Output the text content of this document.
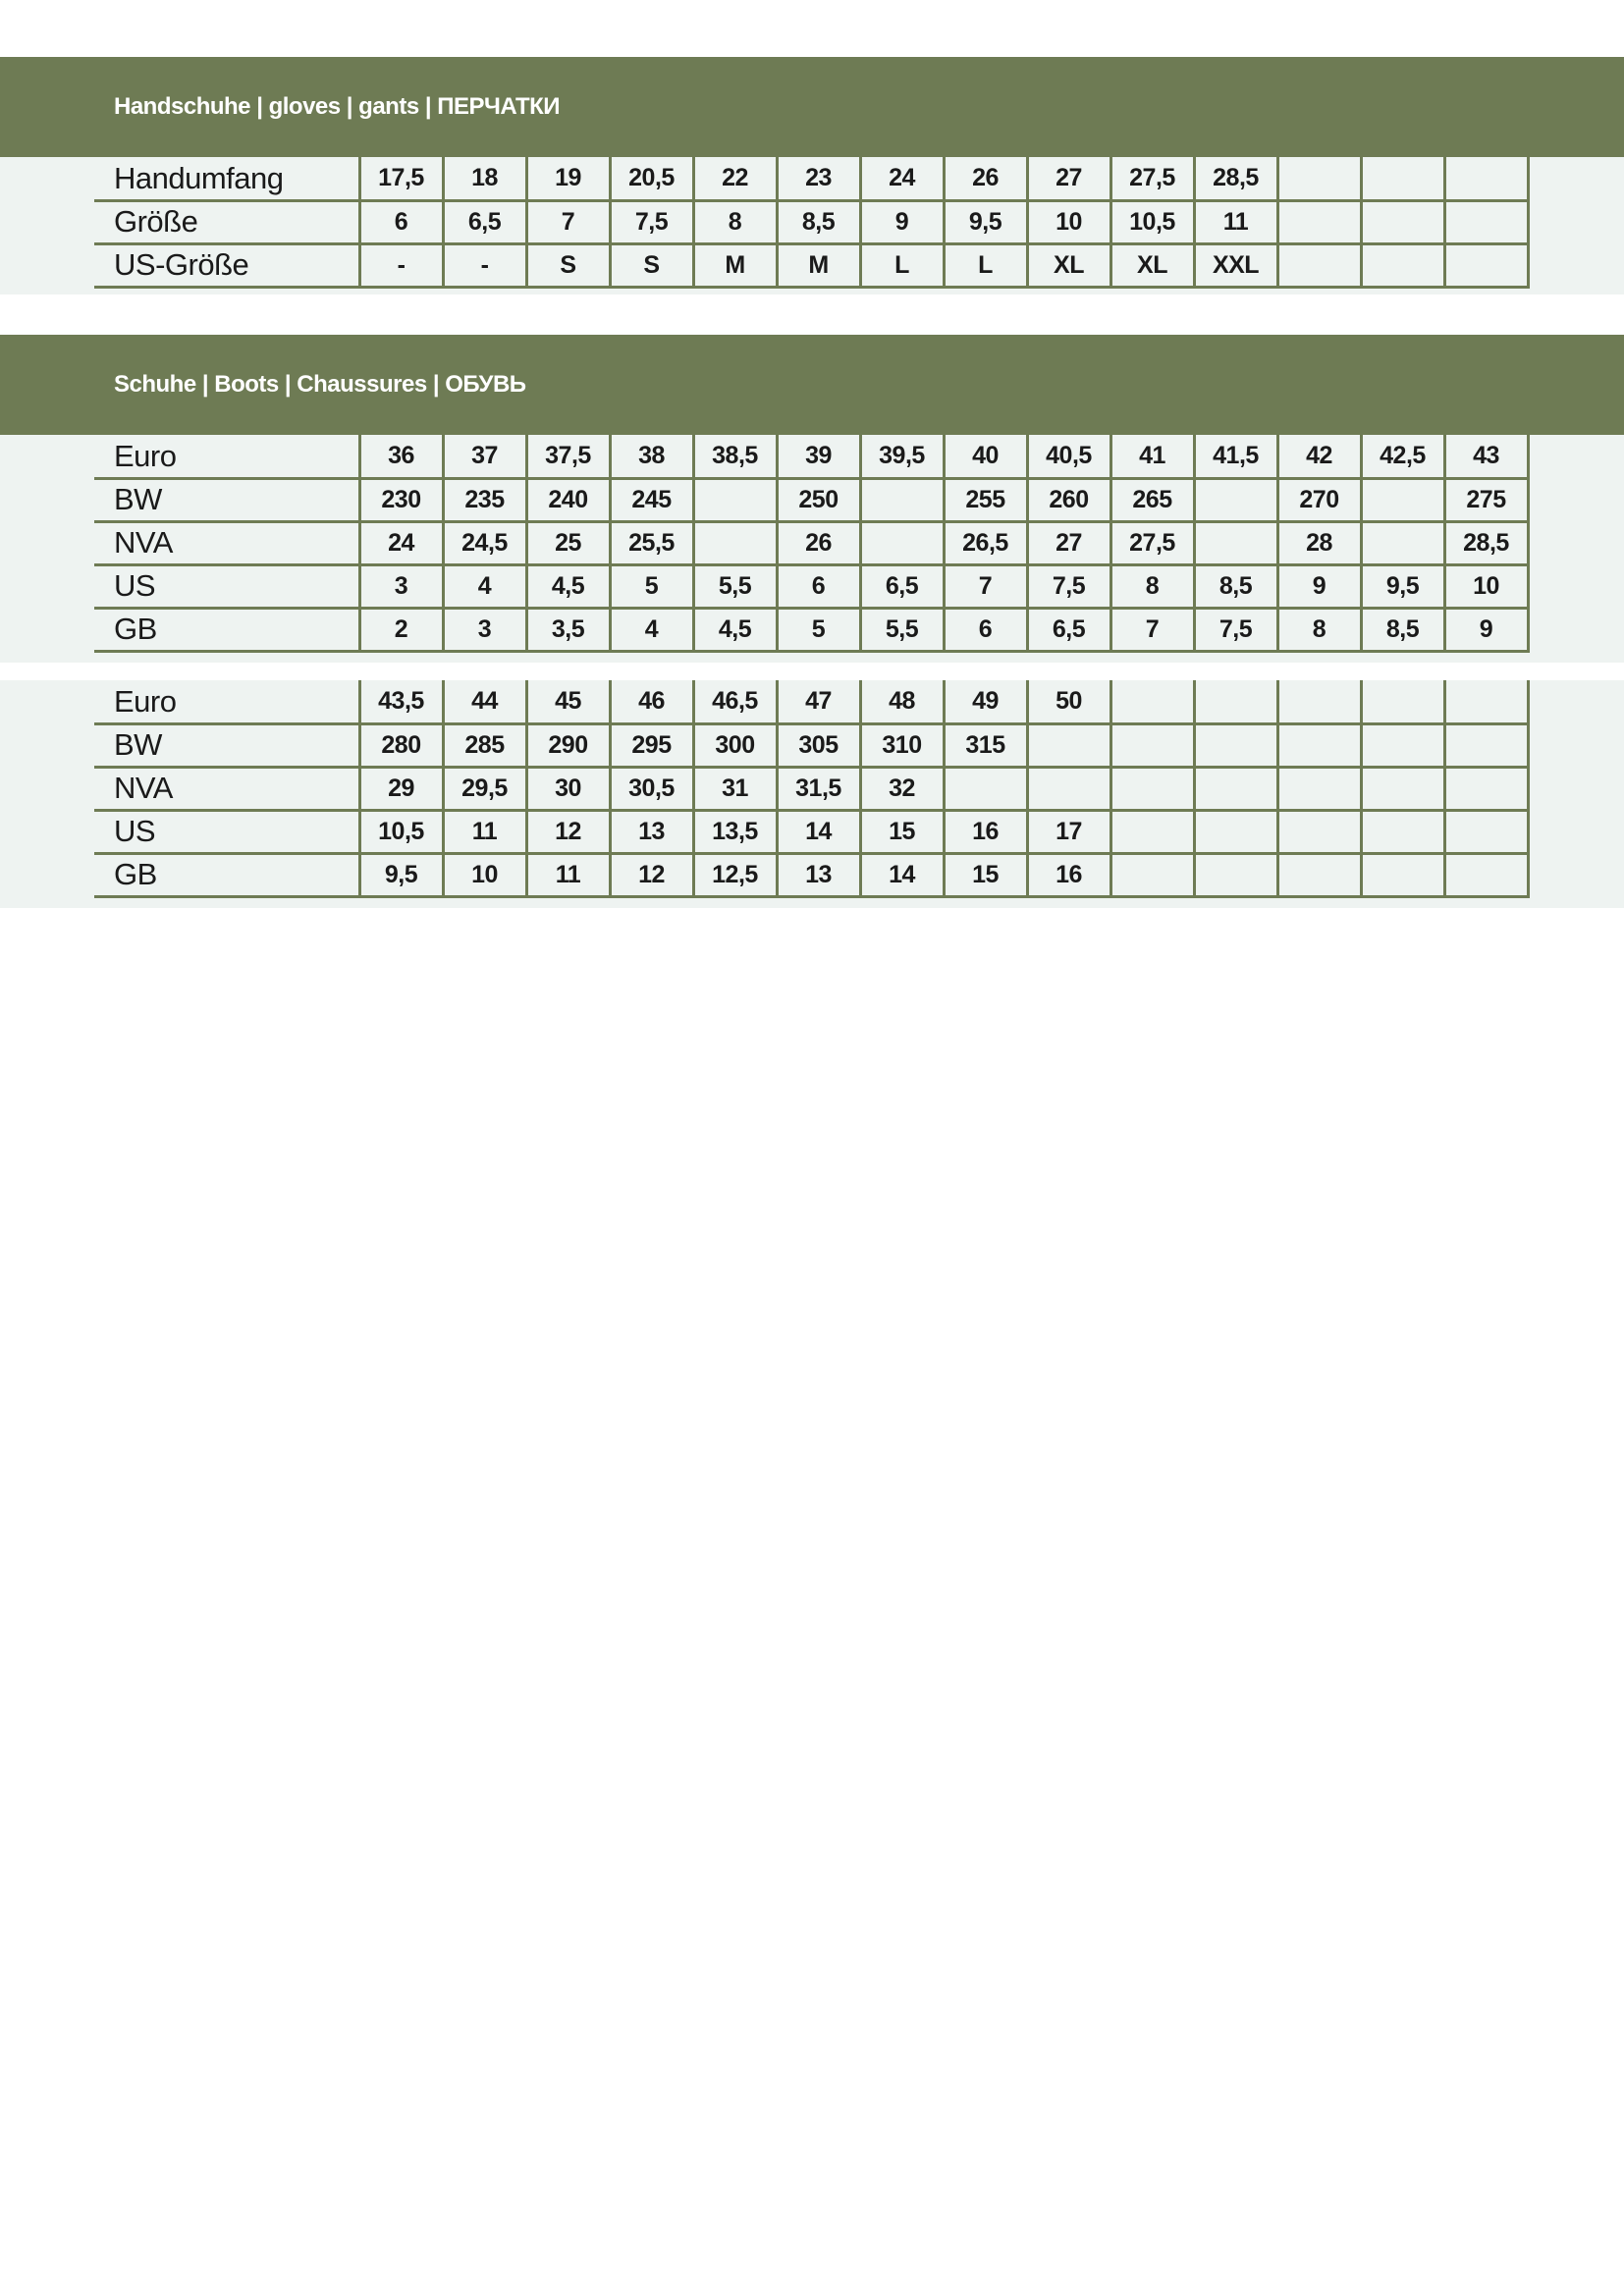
Handschuhe | gloves | gants | ПЕРЧАТКИ
Handumfang	17,5	18	19	20,5	22	23	24	26	27	27,5	28,5			
Größe	6	6,5	7	7,5	8	8,5	9	9,5	10	10,5	11			
US-Größe	-	-	S	S	M	M	L	L	XL	XL	XXL			
Schuhe | Boots | Chaussures | ОБУВЬ
Euro	36	37	37,5	38	38,5	39	39,5	40	40,5	41	41,5	42	42,5	43
BW	230	235	240	245		250		255	260	265		270		275
NVA	24	24,5	25	25,5		26		26,5	27	27,5		28		28,5
US	3	4	4,5	5	5,5	6	6,5	7	7,5	8	8,5	9	9,5	10
GB	2	3	3,5	4	4,5	5	5,5	6	6,5	7	7,5	8	8,5	9
Euro	43,5	44	45	46	46,5	47	48	49	50					
BW	280	285	290	295	300	305	310	315						
NVA	29	29,5	30	30,5	31	31,5	32							
US	10,5	11	12	13	13,5	14	15	16	17					
GB	9,5	10	11	12	12,5	13	14	15	16					
